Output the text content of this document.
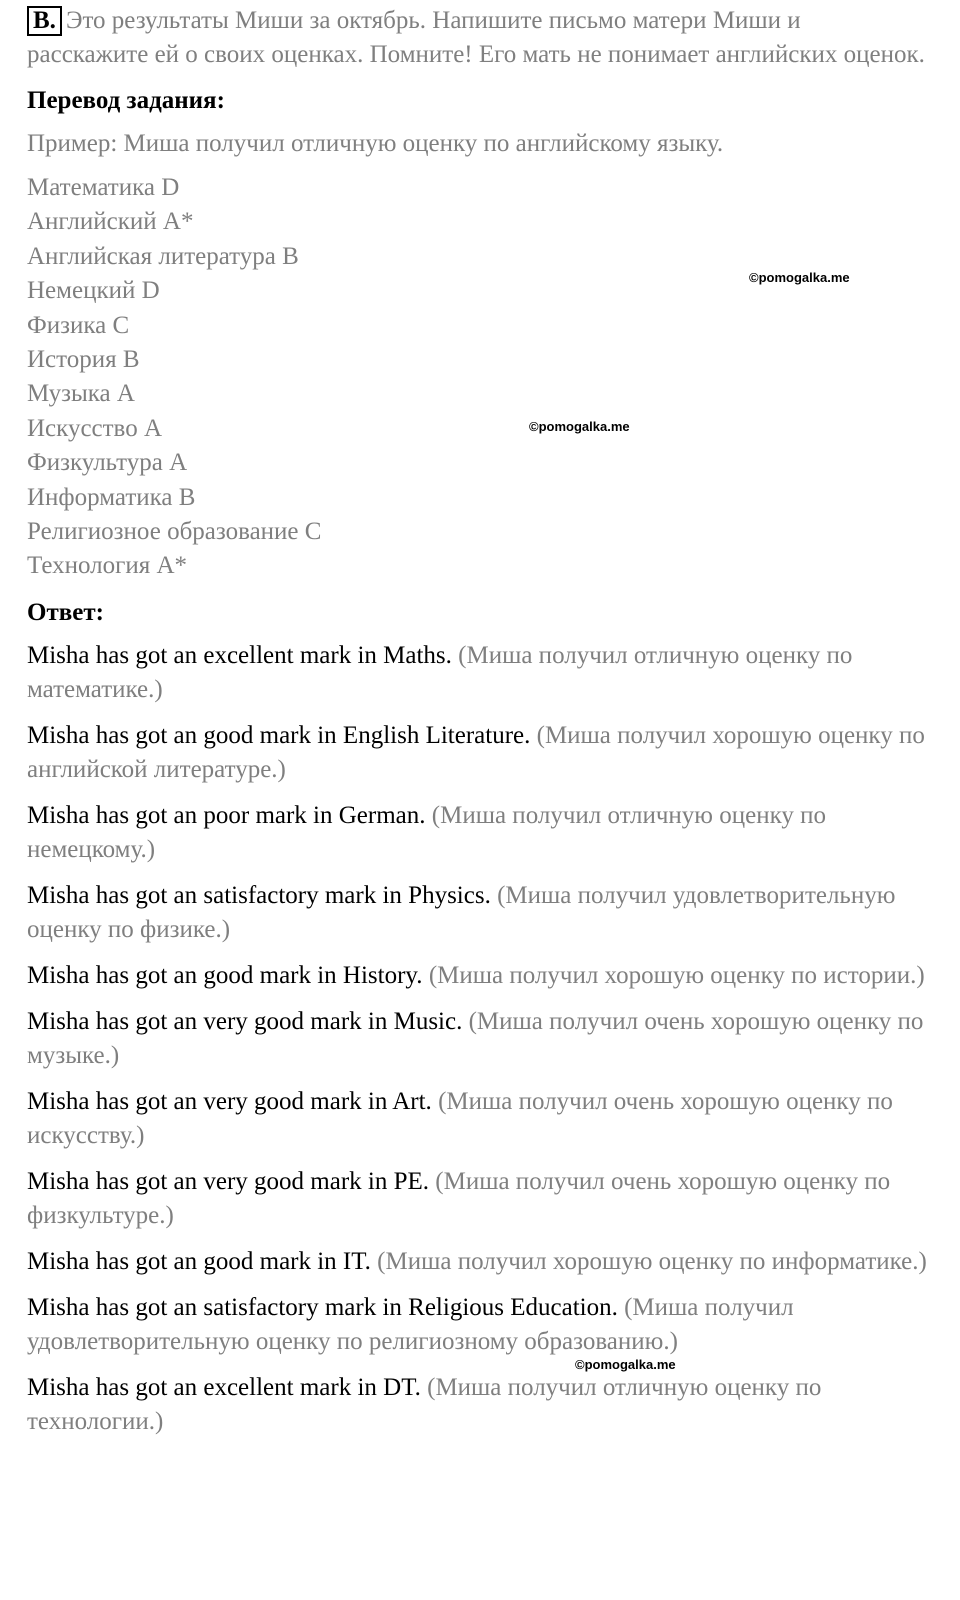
B. Это результаты Миши за октябрь. Напишите письмо матери Миши и расскажите ей о своих оценках. Помните! Его мать не понимает английских оценок.

Перевод задания:

Пример: Миша получил отличную оценку по английскому языку.

Математика D
Английский A*
Английская литература B
Немецкий D
Физика C
История B
Музыка A
Искусство A
Физкультура A
Информатика B
Религиозное образование C
Технология A*

Ответ:

Misha has got an excellent mark in Maths. (Миша получил отличную оценку по математике.)
Misha has got an good mark in English Literature. (Миша получил хорошую оценку по английской литературе.)
Misha has got an poor mark in German. (Миша получил отличную оценку по немецкому.)
Misha has got an satisfactory mark in Physics. (Миша получил удовлетворительную оценку по физике.)
Misha has got an good mark in History. (Миша получил хорошую оценку по истории.)
Misha has got an very good mark in Music. (Миша получил очень хорошую оценку по музыке.)
Misha has got an very good mark in Art. (Миша получил очень хорошую оценку по искусству.)
Misha has got an very good mark in PE. (Миша получил очень хорошую оценку по физкультуре.)
Misha has got an good mark in IT. (Миша получил хорошую оценку по информатике.)
Misha has got an satisfactory mark in Religious Education. (Миша получил удовлетворительную оценку по религиозному образованию.)
Misha has got an excellent mark in DT. (Миша получил отличную оценку по технологии.)
©pomogalka.me
©pomogalka.me
©pomogalka.me
